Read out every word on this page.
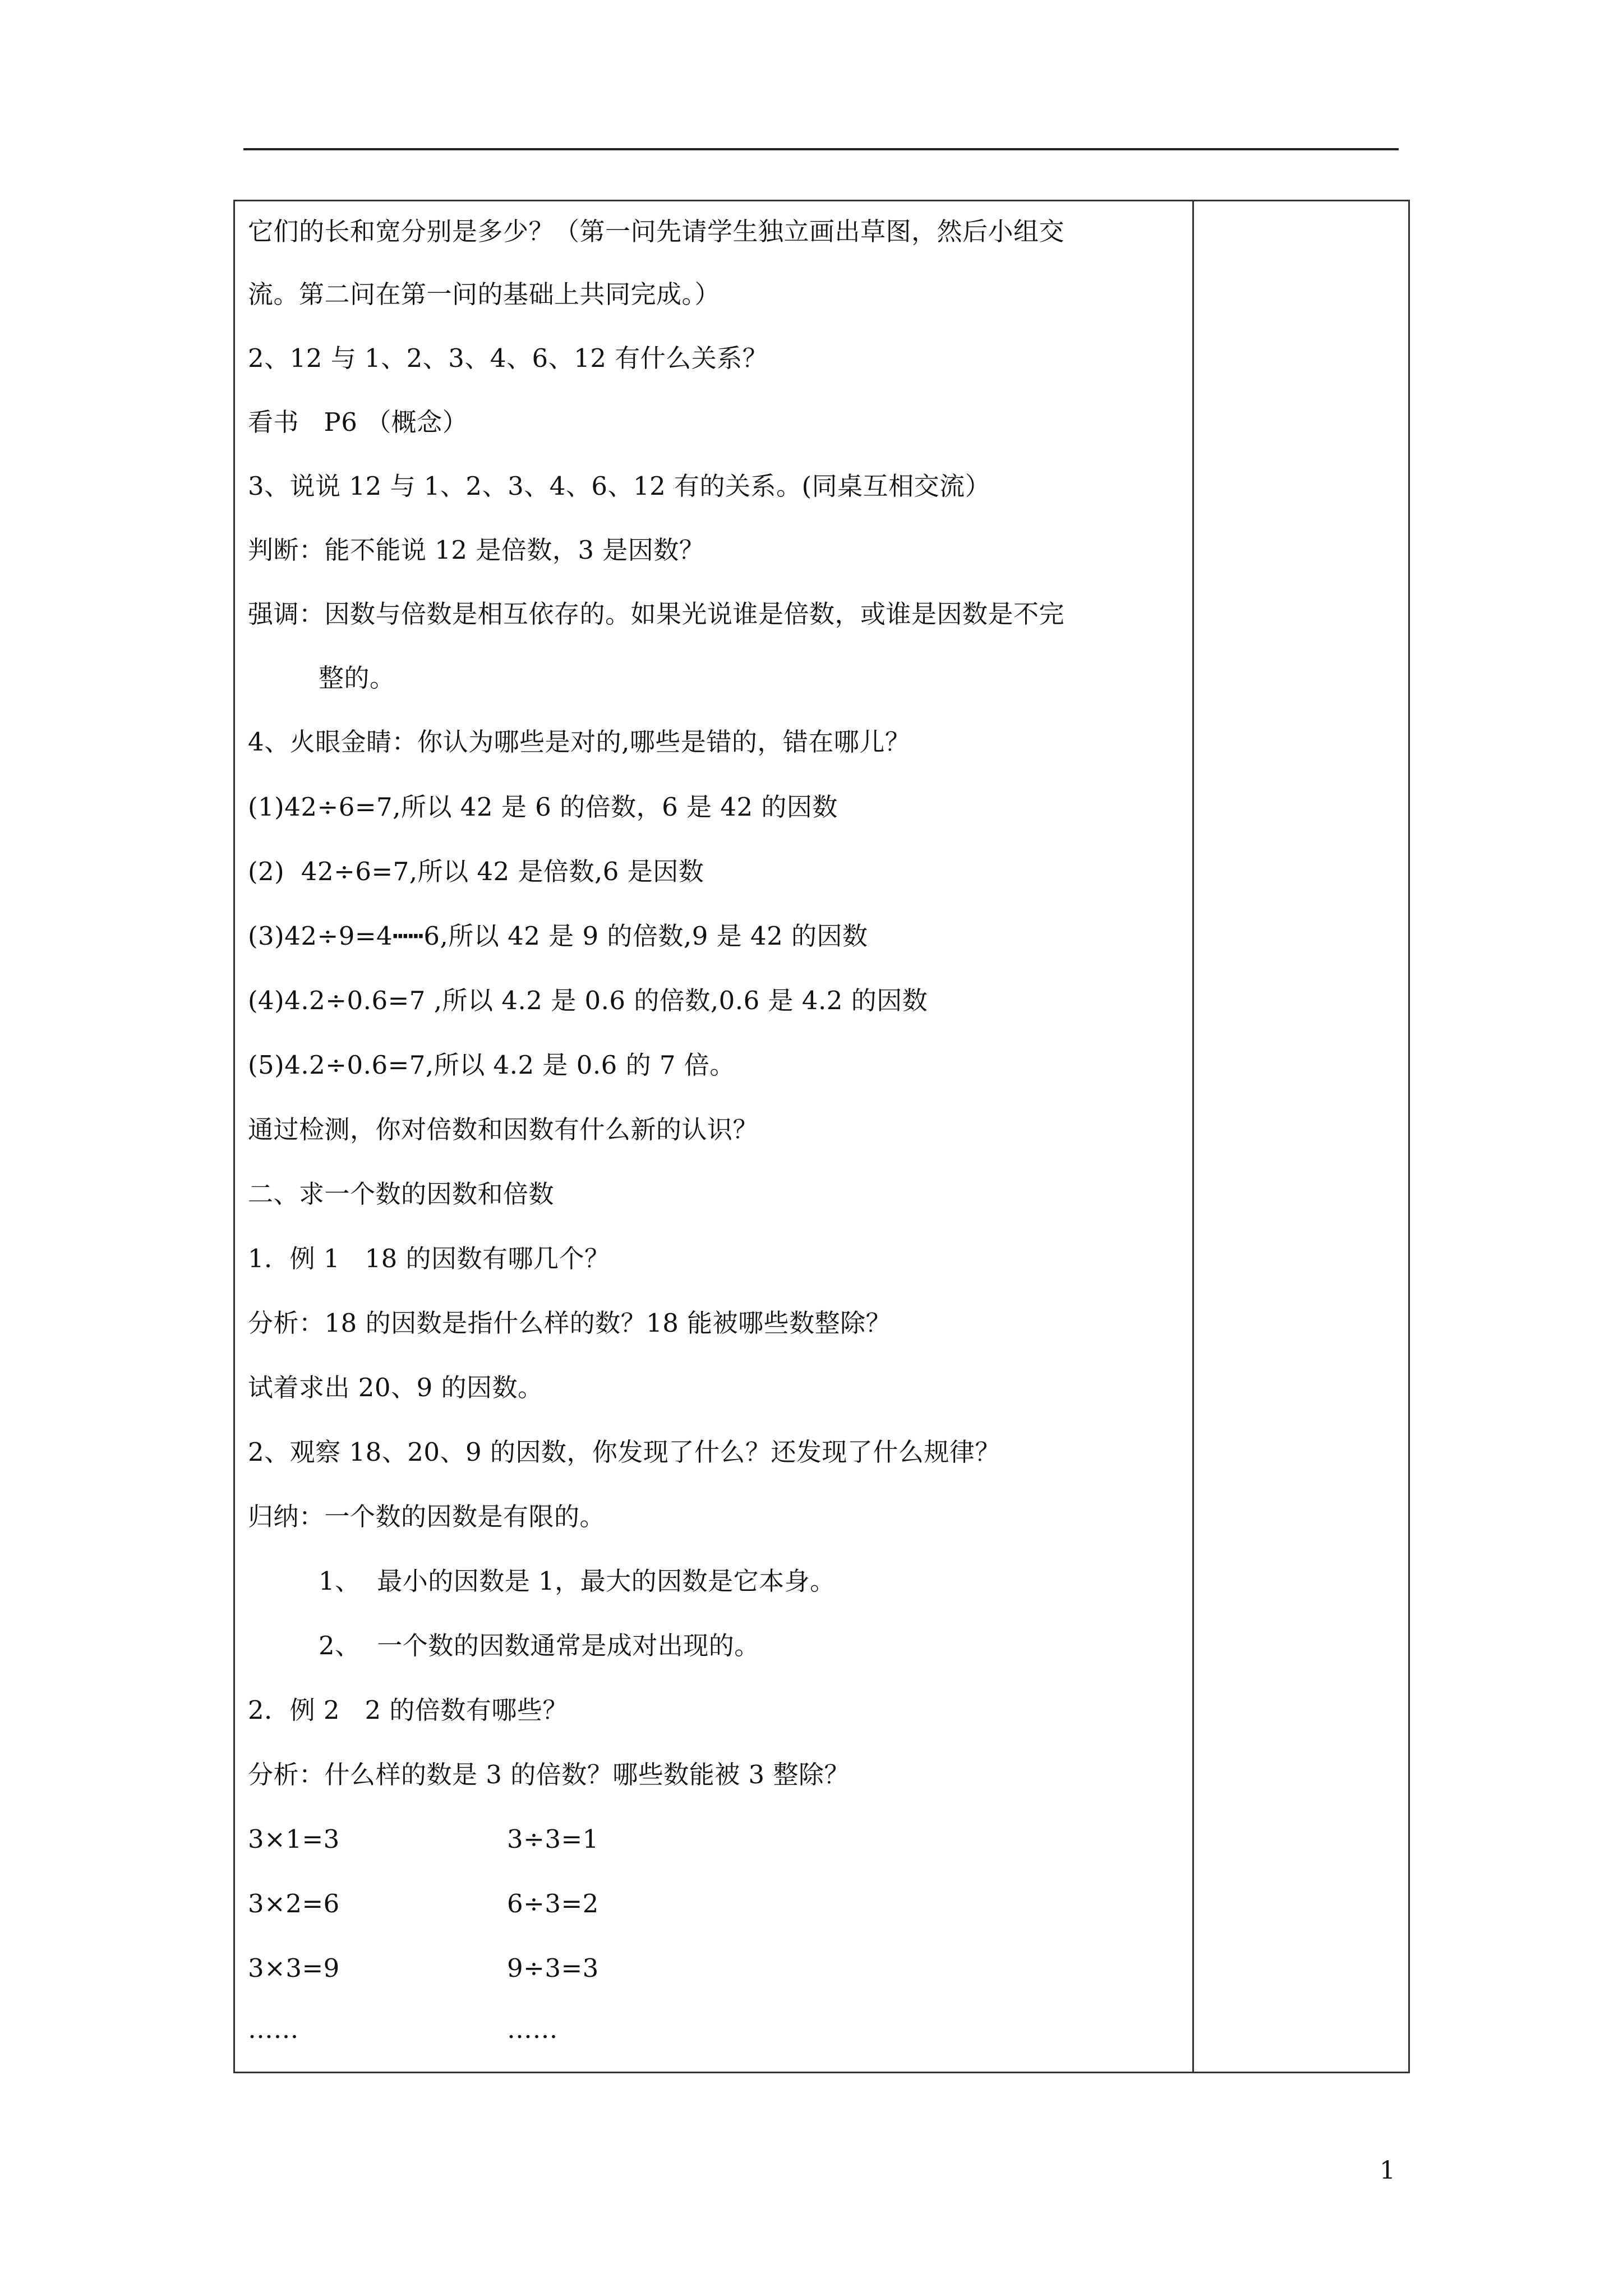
它们的长和宽分别是多少？（第一问先请学生独立画出草图，然后小组交
流。第二问在第一问的基础上共同完成。）
2、12 与 1、2、3、4、6、12 有什么关系？
看书   P6 （概念）
3、说说 12 与 1、2、3、4、6、12 有的关系。(同桌互相交流）
判断：能不能说 12 是倍数，3 是因数？
强调：因数与倍数是相互依存的。如果光说谁是倍数，或谁是因数是不完
整的。
4、火眼金睛：你认为哪些是对的,哪些是错的，错在哪儿？
(1)42÷6=7,所以 42 是 6 的倍数，6 是 42 的因数
(2)  42÷6=7,所以 42 是倍数,6 是因数
(3)42÷9=4┅┅6,所以 42 是 9 的倍数,9 是 42 的因数
(4)4.2÷0.6=7 ,所以 4.2 是 0.6 的倍数,0.6 是 4.2 的因数
(5)4.2÷0.6=7,所以 4.2 是 0.6 的 7 倍。
通过检测，你对倍数和因数有什么新的认识？
二、求一个数的因数和倍数
1．例 1   18 的因数有哪几个？
分析：18 的因数是指什么样的数？18 能被哪些数整除？
试着求出 20、9 的因数。
2、观察 18、20、9 的因数，你发现了什么？还发现了什么规律？
归纳：一个数的因数是有限的。
1、  最小的因数是 1，最大的因数是它本身。
2、  一个数的因数通常是成对出现的。
2．例 2   2 的倍数有哪些？
分析：什么样的数是 3 的倍数？哪些数能被 3 整除？
3×1=3	3÷3=1
3×2=6	6÷3=2
3×3=9	9÷3=3
……	……
1
